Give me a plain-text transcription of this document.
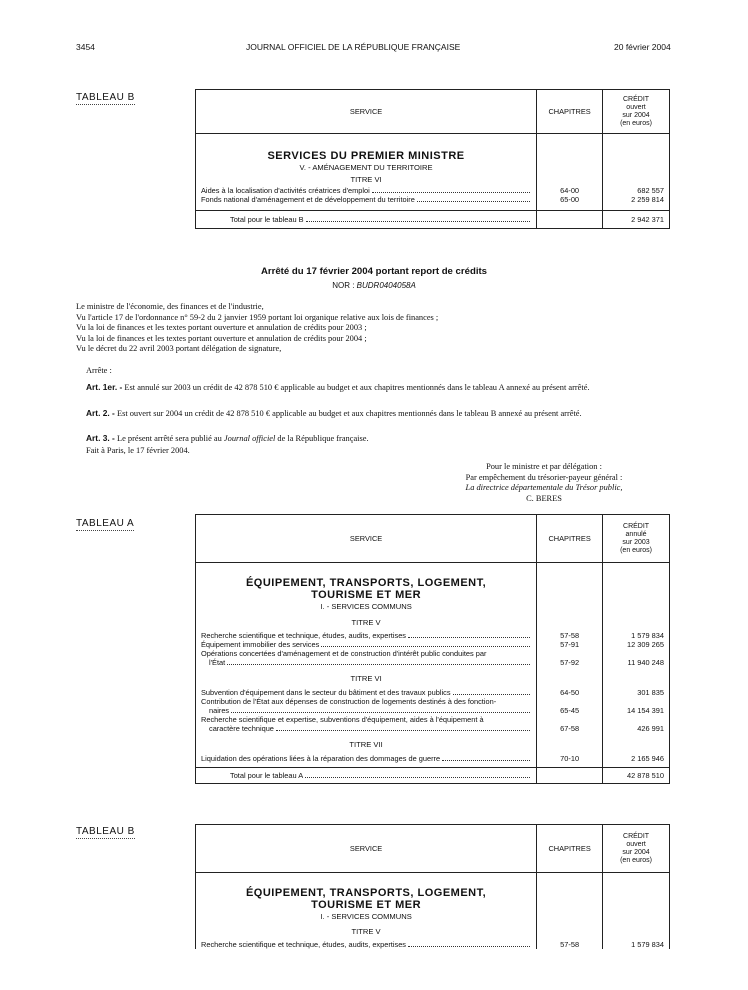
3454	JOURNAL OFFICIEL DE LA RÉPUBLIQUE FRANÇAISE	20 février 2004
TABLEAU B
SERVICE	CHAPITRES	CRÉDIT
ouvert
sur 2004
(en euros)

SERVICES DU PREMIER MINISTRE
V. - AMÉNAGEMENT DU TERRITOIRE
TITRE VI		

Aides à la localisation d'activités créatrices d'emploi	64-00	682 557

Fonds national d'aménagement et de développement du territoire	65-00	2 259 814

Total pour le tableau B		2 942 371
Arrêté du 17 février 2004 portant report de crédits
NOR : BUDR0404058A
Le ministre de l'économie, des finances et de l'industrie,
Vu l'article 17 de l'ordonnance n° 59-2 du 2 janvier 1959 portant loi organique relative aux lois de finances ;
Vu la loi de finances et les textes portant ouverture et annulation de crédits pour 2003 ;
Vu la loi de finances et les textes portant ouverture et annulation de crédits pour 2004 ;
Vu le décret du 22 avril 2003 portant délégation de signature,
Arrête :
Art. 1er. - Est annulé sur 2003 un crédit de 42 878 510 € applicable au budget et aux chapitres mentionnés dans le tableau A annexé au présent arrêté.
Art. 2. - Est ouvert sur 2004 un crédit de 42 878 510 € applicable au budget et aux chapitres mentionnés dans le tableau B annexé au présent arrêté.
Art. 3. - Le présent arrêté sera publié au Journal officiel de la République française.
Fait à Paris, le 17 février 2004.
Pour le ministre et par délégation :
Par empêchement du trésorier-payeur général :
La directrice départementale du Trésor public,
C. BERES
TABLEAU A
SERVICE	CHAPITRES	CRÉDIT
annulé
sur 2003
(en euros)

ÉQUIPEMENT, TRANSPORTS, LOGEMENT,
TOURISME ET MER
I. - SERVICES COMMUNS
TITRE V		

Recherche scientifique et technique, études, audits, expertises	57-58	1 579 834

Équipement immobilier des services	57-91	12 309 265

Opérations concertées d'aménagement et de construction d'intérêt public conduites par
l'État	57-92	11 940 248

TITRE VI		

Subvention d'équipement dans le secteur du bâtiment et des travaux publics	64-50	301 835

Contribution de l'État aux dépenses de construction de logements destinés à des fonction-
naires	65-45	14 154 391

Recherche scientifique et expertise, subventions d'équipement, aides à l'équipement à
caractère technique	67-58	426 991

TITRE VII		

Liquidation des opérations liées à la réparation des dommages de guerre	70-10	2 165 946

Total pour le tableau A		42 878 510
TABLEAU B
SERVICE	CHAPITRES	CRÉDIT
ouvert
sur 2004
(en euros)

ÉQUIPEMENT, TRANSPORTS, LOGEMENT,
TOURISME ET MER
I. - SERVICES COMMUNS
TITRE V		

Recherche scientifique et technique, études, audits, expertises	57-58	1 579 834
